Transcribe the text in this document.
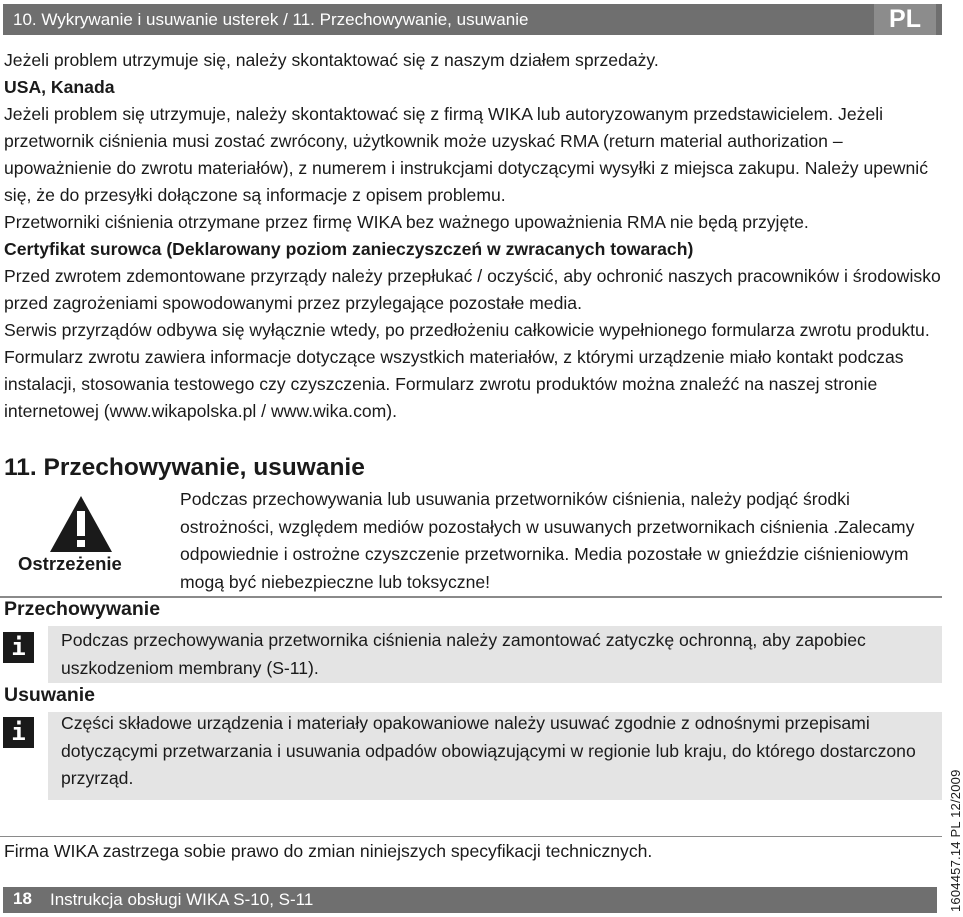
10. Wykrywanie i usuwanie usterek / 11. Przechowywanie, usuwanie	PL
Jeżeli problem utrzymuje się, należy skontaktować się z naszym działem sprzedaży.
USA, Kanada
Jeżeli problem się utrzymuje, należy skontaktować się z firmą WIKA lub autoryzowanym przedstawicielem. Jeżeli przetwornik ciśnienia musi zostać zwrócony, użytkownik może uzyskać RMA (return material authorization – upoważnienie do zwrotu materiałów), z numerem i instrukcjami dotyczącymi wysyłki z miejsca zakupu. Należy upewnić się, że do przesyłki dołączone są informacje z opisem problemu.
Przetworniki ciśnienia otrzymane przez firmę WIKA bez ważnego upoważnienia RMA nie będą przyjęte.
Certyfikat surowca (Deklarowany poziom zanieczyszczeń w zwracanych towarach)
Przed zwrotem zdemontowane przyrządy należy przepłukać / oczyścić, aby ochronić naszych pracowników i środowisko przed zagrożeniami spowodowanymi przez przylegające pozostałe media.
Serwis przyrządów odbywa się wyłącznie wtedy, po przedłożeniu całkowicie wypełnionego formularza zwrotu produktu. Formularz zwrotu zawiera informacje dotyczące wszystkich materiałów, z którymi urządzenie miało kontakt podczas instalacji, stosowania testowego czy czyszczenia. Formularz zwrotu produktów można znaleźć na naszej stronie internetowej (www.wikapolska.pl / www.wika.com).
11. Przechowywanie, usuwanie
Ostrzeżenie

Podczas przechowywania lub usuwania przetworników ciśnienia, należy podjąć środki ostrożności, względem mediów pozostałych w usuwanych przetwornikach ciśnienia .Zalecamy odpowiednie i ostrożne czyszczenie przetwornika. Media pozostałe w gnieździe ciśnieniowym mogą być niebezpieczne lub toksyczne!

Przechowywanie
i	Podczas przechowywania przetwornika ciśnienia należy zamontować zatyczkę ochronną, aby zapobiec uszkodzeniom membrany (S-11).

Usuwanie
i	Części składowe urządzenia i materiały opakowaniowe należy usuwać zgodnie z odnośnymi przepisami dotyczącymi przetwarzania i usuwania odpadów obowiązującymi w regionie lub kraju, do którego dostarczono przyrząd.

Firma WIKA zastrzega sobie prawo do zmian niniejszych specyfikacji technicznych.

18 Instrukcja obsługi WIKA S-10, S-11	1604457.14 PL 12/2009
